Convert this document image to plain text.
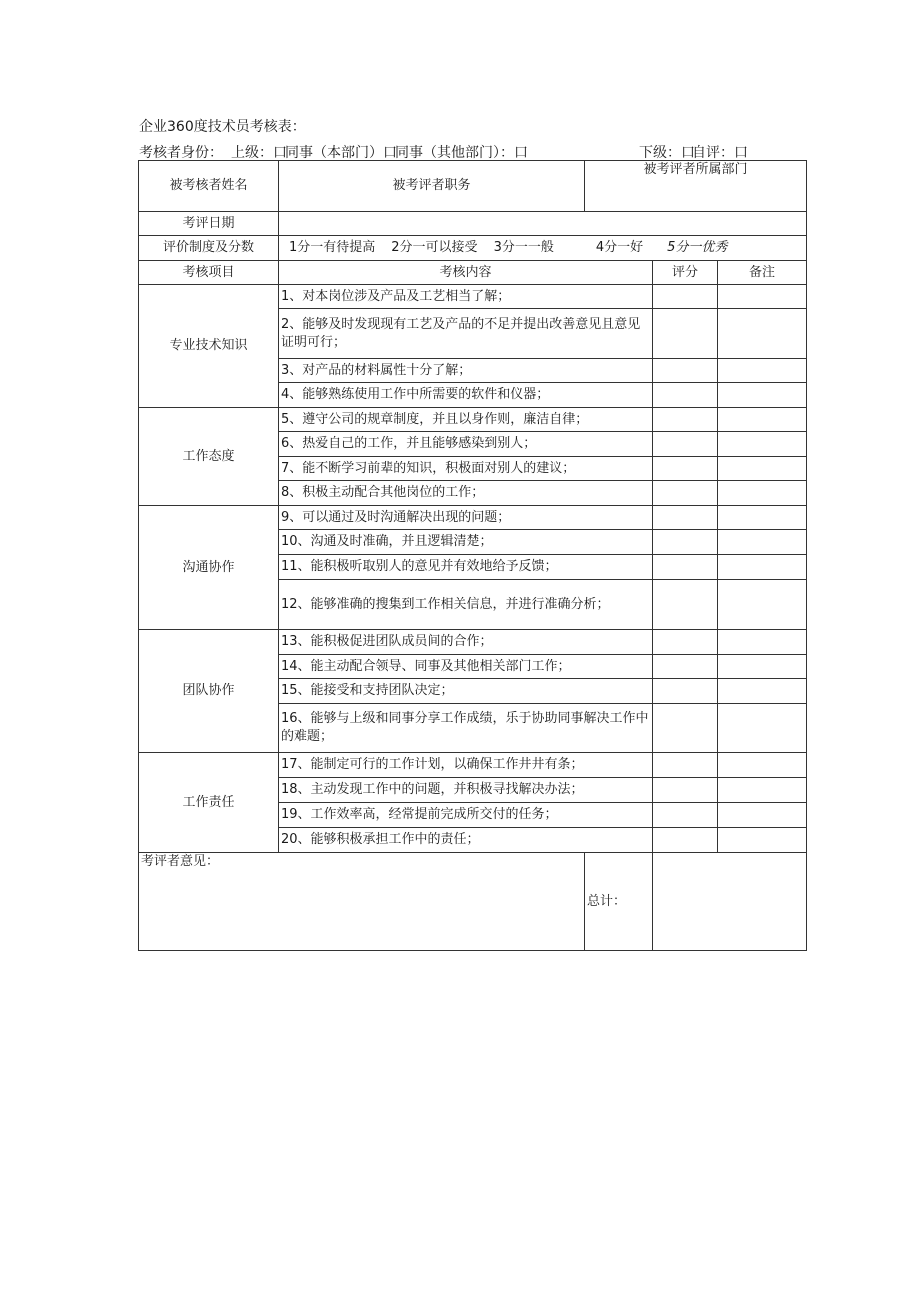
企业360度技术员考核表：
考核者身份： 上级：口
同事（本部门）口
同事（其他部门）：口	下级：口
自评：口
被考核者姓名	被考评者职务	被考评者所属部门		
考评日期				
评价制度及分数	1分一有待提高 2分一可以接受 3分一一般 4分一好 5分一优秀			
考核项目	考核内容		评分	备注
专业技术知识	1、对本岗位涉及产品及工艺相当了解；			
	2、能够及时发现现有工艺及产品的不足并提出改善意见且意见证明可行；			
	3、对产品的材料属性十分了解；			
	4、能够熟练使用工作中所需要的软件和仪器；			
工作态度	5、遵守公司的规章制度，并且以身作则，廉洁自律；			
	6、热爱自己的工作，并且能够感染到别人；			
	7、能不断学习前辈的知识，积极面对别人的建议；			
	8、积极主动配合其他岗位的工作；			
沟通协作	9、可以通过及时沟通解决出现的问题；			
	10、沟通及时准确，并且逻辑清楚；			
	11、能积极听取别人的意见并有效地给予反馈；			
	12、能够准确的搜集到工作相关信息，并进行准确分析；			
团队协作	13、能积极促进团队成员间的合作；			
	14、能主动配合领导、同事及其他相关部门工作；			
	15、能接受和支持团队决定；			
	16、能够与上级和同事分享工作成绩，乐于协助同事解决工作中的难题；			
工作责任	17、能制定可行的工作计划，以确保工作井井有条；			
	18、主动发现工作中的问题，并积极寻找解决办法；			
	19、工作效率高，经常提前完成所交付的任务；			
	20、能够积极承担工作中的责任；			
考评者意见：		总计：		
